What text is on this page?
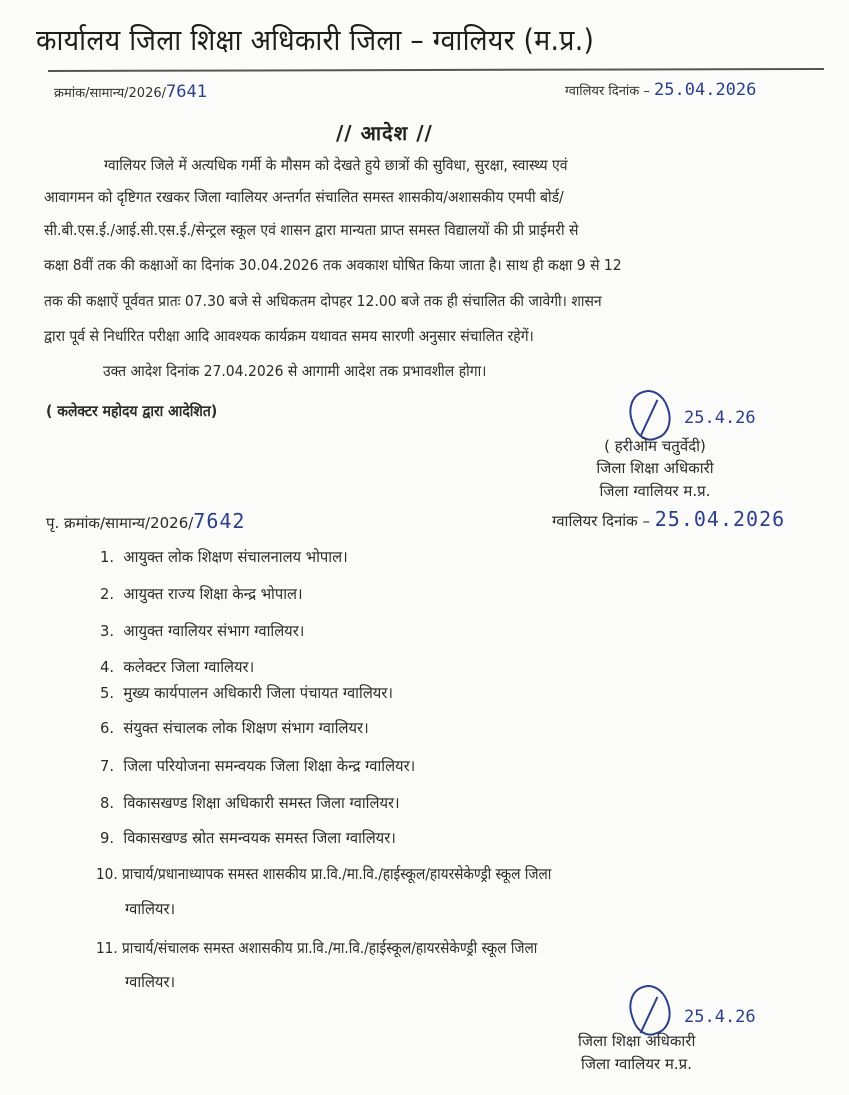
कार्यालय जिला शिक्षा अधिकारी जिला – ग्वालियर (म.प्र.)
क्रमांक/सामान्य/2026/7641	ग्वालियर दिनांक – 25.04.2026
// आदेश //
ग्वालियर जिले में अत्यधिक गर्मी के मौसम को देखते हुये छात्रों की सुविधा, सुरक्षा, स्वास्थ्य एवं
आवागमन को दृष्टिगत रखकर जिला ग्वालियर अन्तर्गत संचालित समस्त शासकीय/अशासकीय एमपी बोर्ड/
सी.बी.एस.ई./आई.सी.एस.ई./सेन्ट्रल स्कूल एवं शासन द्वारा मान्यता प्राप्त समस्त विद्यालयों की प्री प्राईमरी से
कक्षा 8वीं तक की कक्षाओं का दिनांक 30.04.2026 तक अवकाश घोषित किया जाता है। साथ ही कक्षा 9 से 12
तक की कक्षाऐं पूर्ववत प्रातः 07.30 बजे से अधिकतम दोपहर 12.00 बजे तक ही संचालित की जावेगी। शासन
द्वारा पूर्व से निर्धारित परीक्षा आदि आवश्यक कार्यक्रम यथावत समय सारणी अनुसार संचालित रहेगें।
उक्त आदेश दिनांक 27.04.2026 से आगामी आदेश तक प्रभावशील होगा।
( कलेक्टर महोदय द्वारा आदेशित)	25.4.26
( हरीओम चतुर्वेदी)
जिला शिक्षा अधिकारी
जिला ग्वालियर म.प्र.
पृ. क्रमांक/सामान्य/2026/7642	ग्वालियर दिनांक – 25.04.2026
1. आयुक्त लोक शिक्षण संचालनालय भोपाल।
2. आयुक्त राज्य शिक्षा केन्द्र भोपाल।
3. आयुक्त ग्वालियर संभाग ग्वालियर।
4. कलेक्टर जिला ग्वालियर।
5. मुख्य कार्यपालन अधिकारी जिला पंचायत ग्वालियर।
6. संयुक्त संचालक लोक शिक्षण संभाग ग्वालियर।
7. जिला परियोजना समन्वयक जिला शिक्षा केन्द्र ग्वालियर।
8. विकासखण्ड शिक्षा अधिकारी समस्त जिला ग्वालियर।
9. विकासखण्ड स्रोत समन्वयक समस्त जिला ग्वालियर।
10. प्राचार्य/प्रधानाध्यापक समस्त शासकीय प्रा.वि./मा.वि./हाईस्कूल/हायरसेकेण्ड्री स्कूल जिला
ग्वालियर।
11. प्राचार्य/संचालक समस्त अशासकीय प्रा.वि./मा.वि./हाईस्कूल/हायरसेकेण्ड्री स्कूल जिला
ग्वालियर।
25.4.26
जिला शिक्षा अधिकारी
जिला ग्वालियर म.प्र.
